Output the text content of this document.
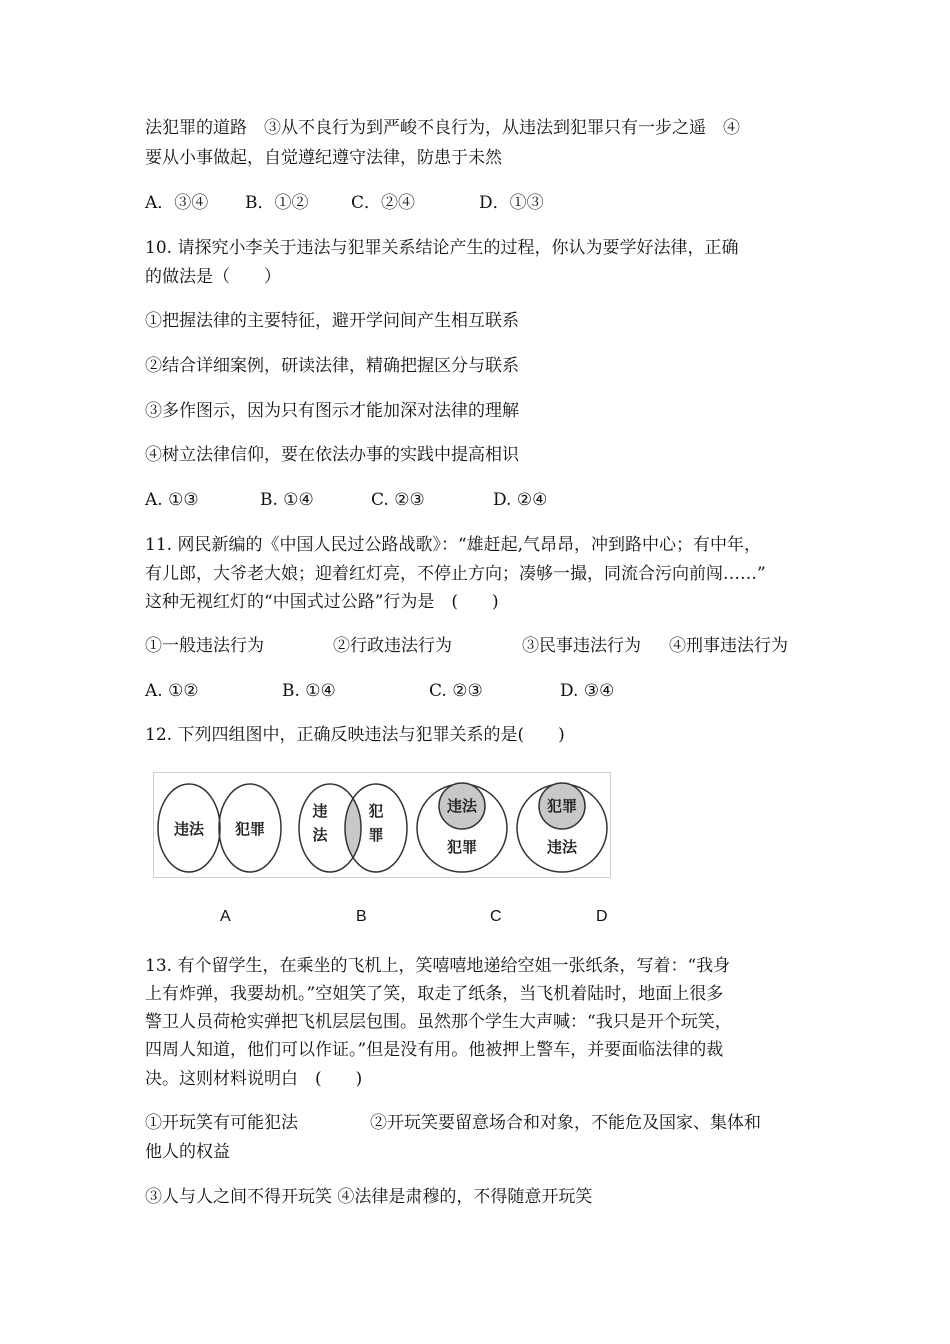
法犯罪的道路　③从不良行为到严峻不良行为，从违法到犯罪只有一步之遥　④
要从小事做起，自觉遵纪遵守法律，防患于未然
A．③④ B．①②	C．②④	D．①③
10. 请探究小李关于违法与犯罪关系结论产生的过程，你认为要学好法律，正确
的做法是（　　）
①把握法律的主要特征，避开学问间产生相互联系
②结合详细案例，研读法律，精确把握区分与联系
③多作图示，因为只有图示才能加深对法律的理解
④树立法律信仰，要在依法办事的实践中提高相识
A. ①③	B. ①④	C. ②③	D. ②④
11. 网民新编的《中国人民过公路战歌》：“雄赶起,气昂昂，冲到路中心；有中年，
有儿郎，大爷老大娘；迎着红灯亮，不停止方向；凑够一撮，同流合污向前闯……”
这种无视红灯的“中国式过公路”行为是　(　　)
①一般违法行为	②行政违法行为	③民事违法行为 ④刑事违法行为
A. ①②	B. ①④	C. ②③	D. ③④
12. 下列四组图中，正确反映违法与犯罪关系的是(　　)
违法 犯罪
违
法
犯
罪
违法
犯罪
犯罪
违法
A	B	C	D
13. 有个留学生，在乘坐的飞机上，笑嘻嘻地递给空姐一张纸条，写着：“我身
上有炸弹，我要劫机。”空姐笑了笑，取走了纸条，当飞机着陆时，地面上很多
警卫人员荷枪实弹把飞机层层包围。虽然那个学生大声喊：“我只是开个玩笑，
四周人知道，他们可以作证。”但是没有用。他被押上警车，并要面临法律的裁
决。这则材料说明白　(　　)
①开玩笑有可能犯法	②开玩笑要留意场合和对象，不能危及国家、集体和
他人的权益
③人与人之间不得开玩笑 ④法律是肃穆的，不得随意开玩笑
